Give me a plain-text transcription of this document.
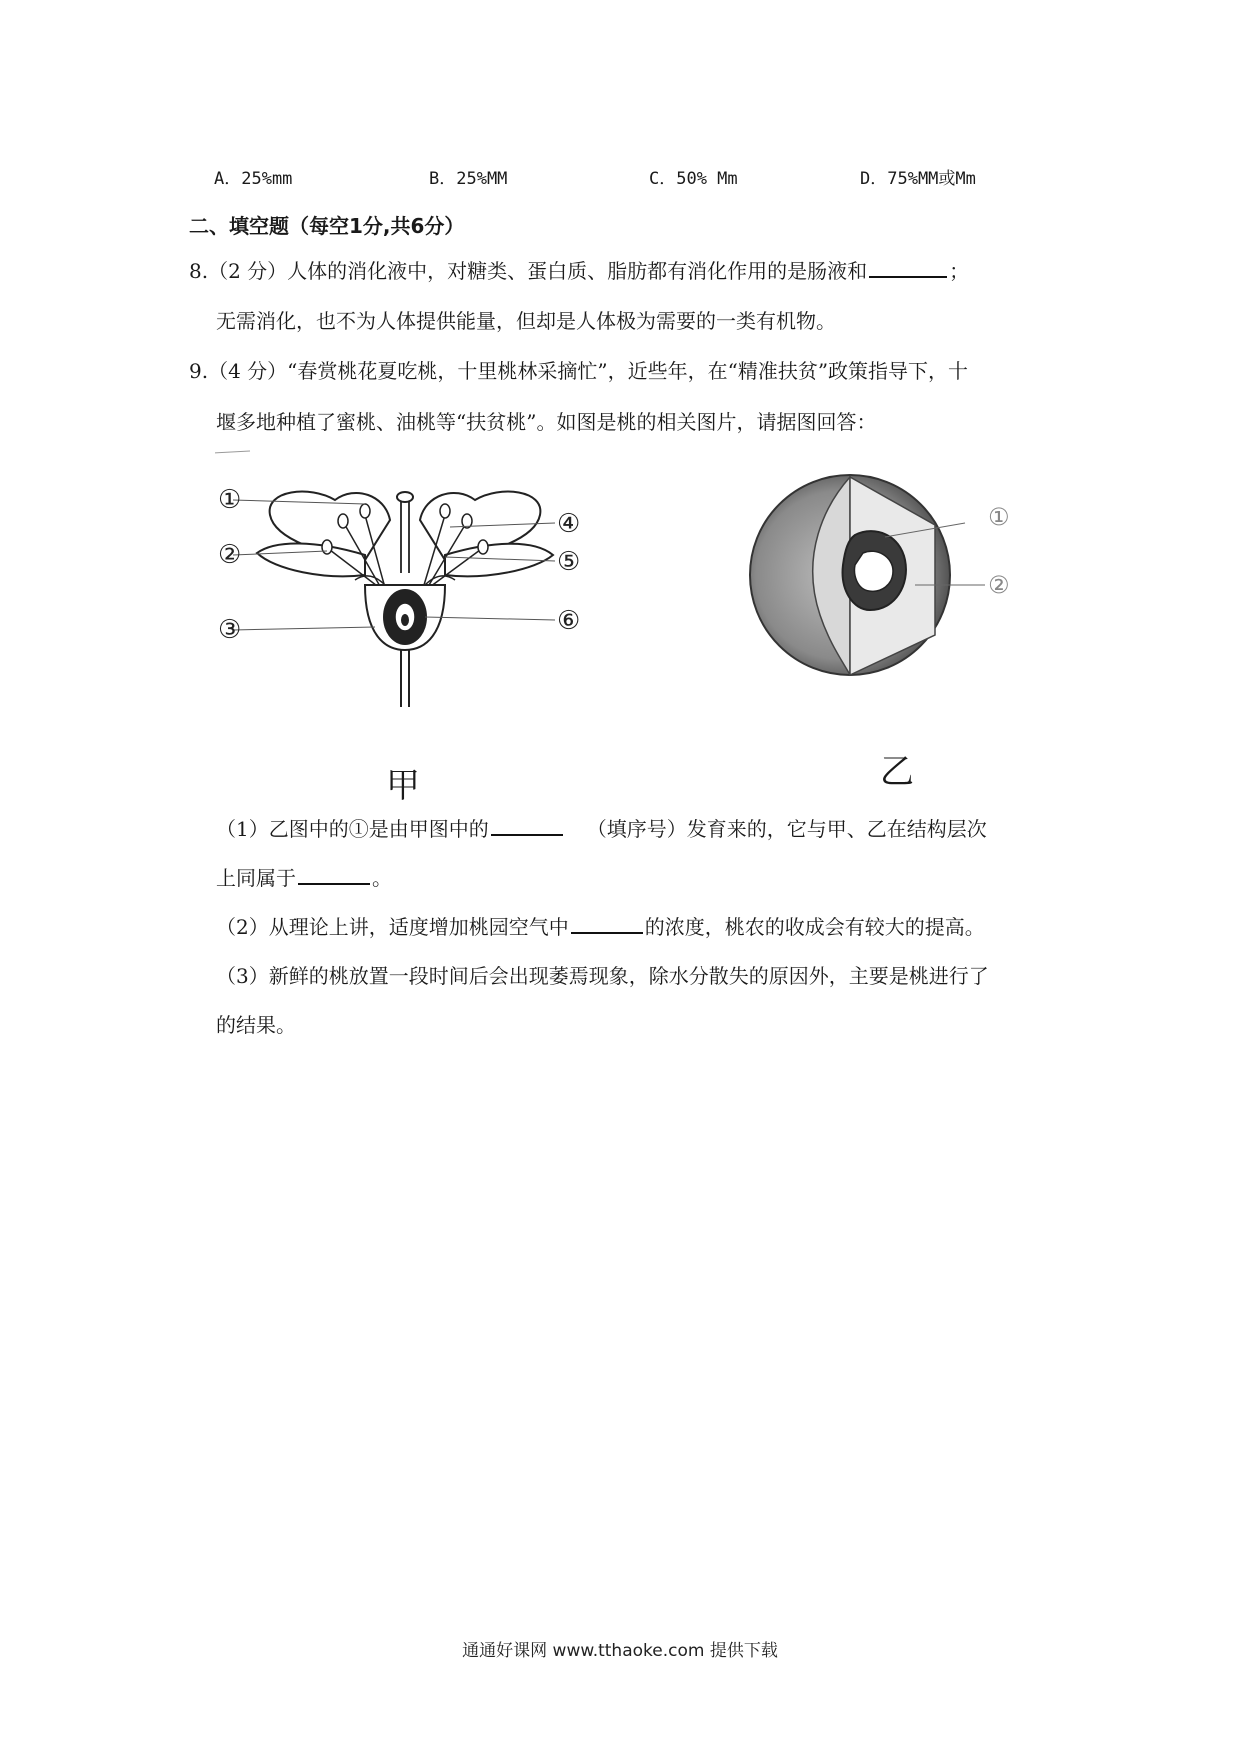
A．25%mm	B．25%MM	C．50% Mm	D．75%MM或Mm
二、填空题（每空1分,共6分）
8.（2 分）人体的消化液中，对糖类、蛋白质、脂肪都有消化作用的是肠液和	；
无需消化，也不为人体提供能量，但却是人体极为需要的一类有机物。
9.（4 分）“春赏桃花夏吃桃，十里桃林采摘忙”，近些年，在“精准扶贫”政策指导下，十
堰多地种植了蜜桃、油桃等“扶贫桃”。如图是桃的相关图片，请据图回答：
①
②
③
④
⑤
⑥
①
②
甲	乙
（1）乙图中的①是由甲图中的	（填序号）发育来的，它与甲、乙在结构层次
上同属于	。
（2）从理论上讲，适度增加桃园空气中	的浓度，桃农的收成会有较大的提高。
（3）新鲜的桃放置一段时间后会出现萎焉现象，除水分散失的原因外，主要是桃进行了
的结果。
通通好课网 www.tthaoke.com 提供下载
